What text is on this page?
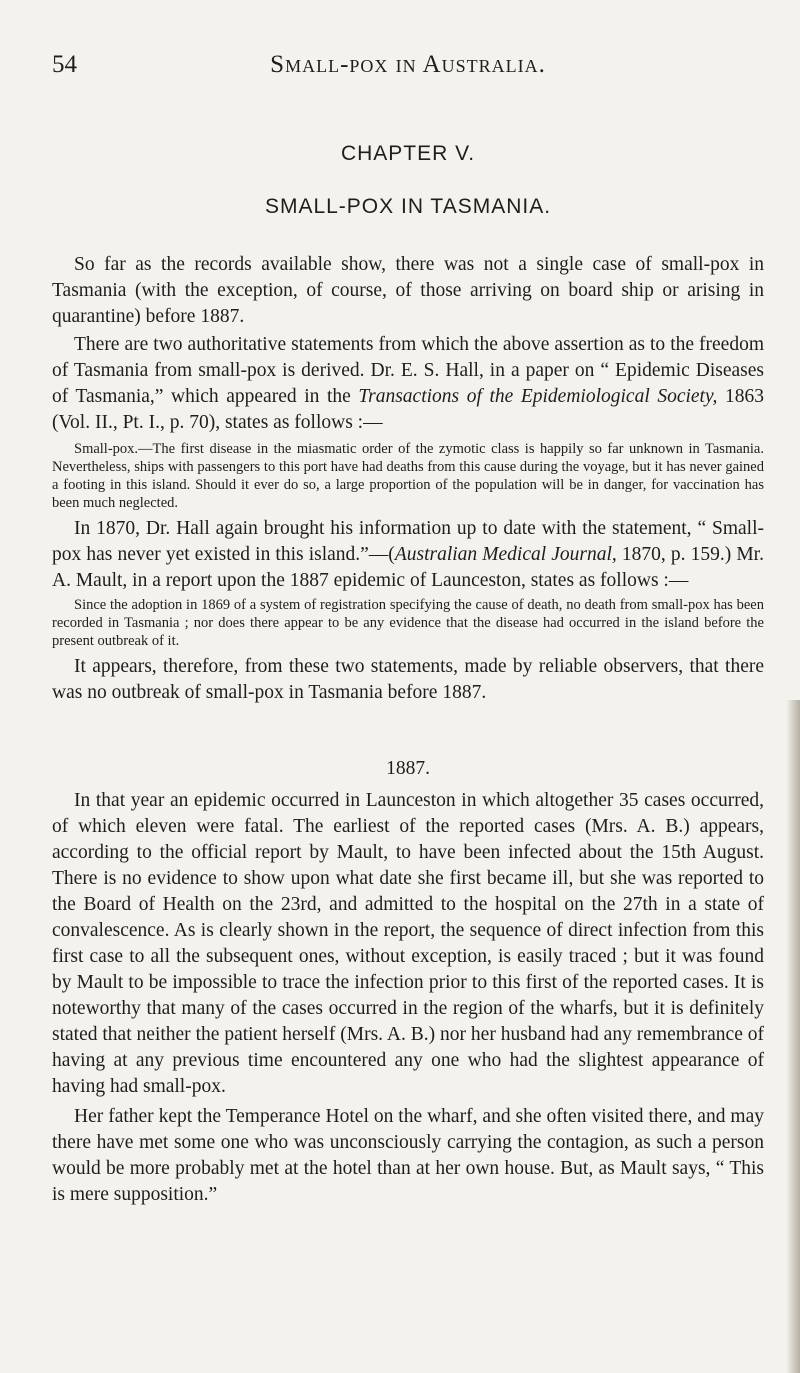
54	Small-pox in Australia.
CHAPTER V.
SMALL-POX IN TASMANIA.

So far as the records available show, there was not a single case of small-pox in Tasmania (with the exception, of course, of those arriving on board ship or arising in quarantine) before 1887.

There are two authoritative statements from which the above assertion as to the freedom of Tasmania from small-pox is derived. Dr. E. S. Hall, in a paper on “ Epidemic Diseases of Tasmania,” which appeared in the Transactions of the Epidemiological Society, 1863 (Vol. II., Pt. I., p. 70), states as follows :—

Small-pox.—The first disease in the miasmatic order of the zymotic class is happily so far unknown in Tasmania. Nevertheless, ships with passengers to this port have had deaths from this cause during the voyage, but it has never gained a footing in this island. Should it ever do so, a large proportion of the population will be in danger, for vaccination has been much neglected.

In 1870, Dr. Hall again brought his information up to date with the statement, “ Small-pox has never yet existed in this island.”—(Australian Medical Journal, 1870, p. 159.) Mr. A. Mault, in a report upon the 1887 epidemic of Launceston, states as follows :—

Since the adoption in 1869 of a system of registration specifying the cause of death, no death from small-pox has been recorded in Tasmania ; nor does there appear to be any evidence that the disease had occurred in the island before the present outbreak of it.

It appears, therefore, from these two statements, made by reliable observers, that there was no outbreak of small-pox in Tasmania before 1887.

1887.

In that year an epidemic occurred in Launceston in which altogether 35 cases occurred, of which eleven were fatal. The earliest of the reported cases (Mrs. A. B.) appears, according to the official report by Mault, to have been infected about the 15th August. There is no evidence to show upon what date she first became ill, but she was reported to the Board of Health on the 23rd, and admitted to the hospital on the 27th in a state of convalescence. As is clearly shown in the report, the sequence of direct infection from this first case to all the subsequent ones, without exception, is easily traced ; but it was found by Mault to be impossible to trace the infection prior to this first of the reported cases. It is noteworthy that many of the cases occurred in the region of the wharfs, but it is definitely stated that neither the patient herself (Mrs. A. B.) nor her husband had any remembrance of having at any previous time encountered any one who had the slightest appearance of having had small-pox.

Her father kept the Temperance Hotel on the wharf, and she often visited there, and may there have met some one who was unconsciously carrying the contagion, as such a person would be more probably met at the hotel than at her own house. But, as Mault says, “ This is mere supposition.”
